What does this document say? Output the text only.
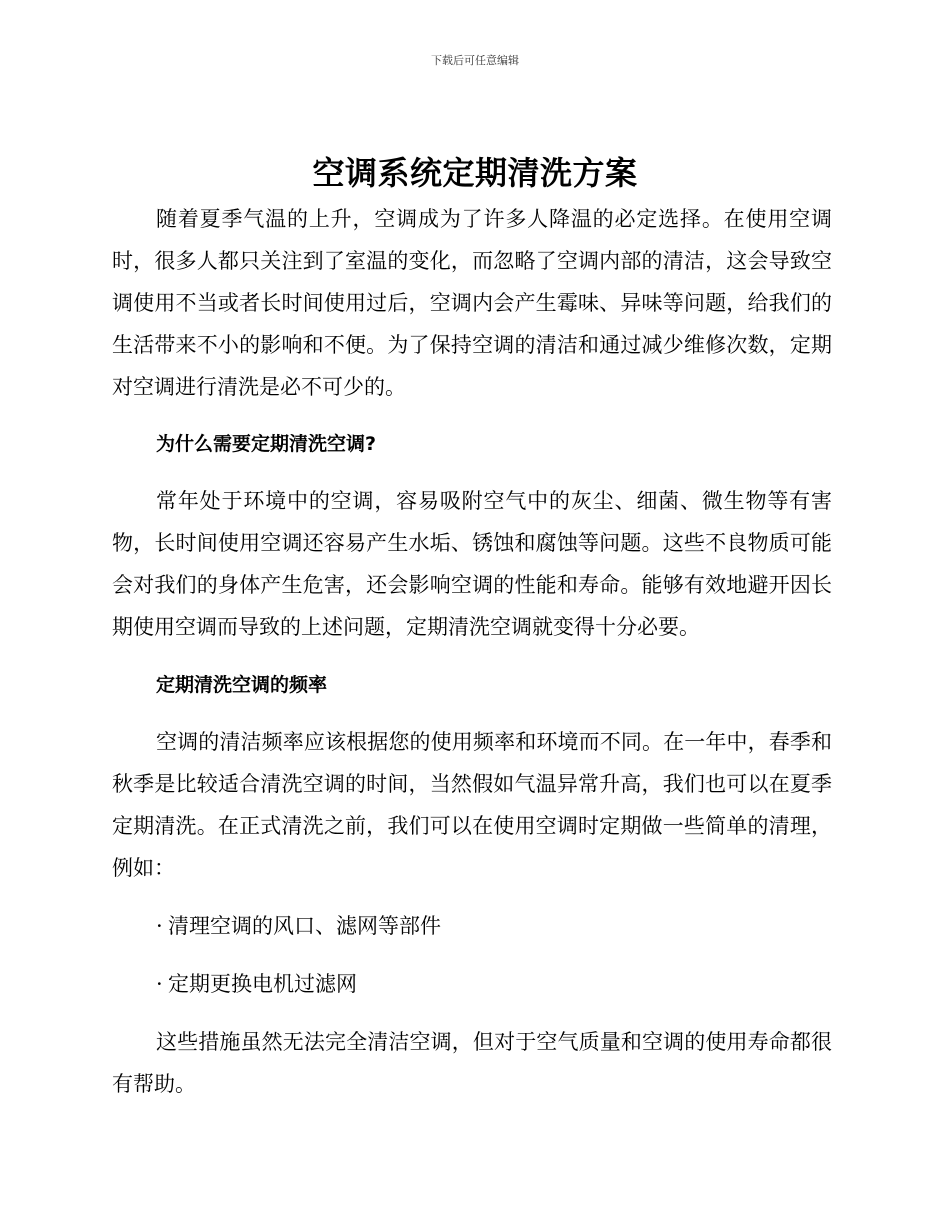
下载后可任意编辑
空调系统定期清洗方案

随着夏季气温的上升，空调成为了许多人降温的必定选择。在使用空调时，很多人都只关注到了室温的变化，而忽略了空调内部的清洁，这会导致空调使用不当或者长时间使用过后，空调内会产生霉味、异味等问题，给我们的生活带来不小的影响和不便。为了保持空调的清洁和通过减少维修次数，定期对空调进行清洗是必不可少的。

为什么需要定期清洗空调?

常年处于环境中的空调，容易吸附空气中的灰尘、细菌、微生物等有害物，长时间使用空调还容易产生水垢、锈蚀和腐蚀等问题。这些不良物质可能会对我们的身体产生危害，还会影响空调的性能和寿命。能够有效地避开因长期使用空调而导致的上述问题，定期清洗空调就变得十分必要。

定期清洗空调的频率

空调的清洁频率应该根据您的使用频率和环境而不同。在一年中，春季和秋季是比较适合清洗空调的时间，当然假如气温异常升高，我们也可以在夏季定期清洗。在正式清洗之前，我们可以在使用空调时定期做一些简单的清理，例如：

· 清理空调的风口、滤网等部件

· 定期更换电机过滤网

这些措施虽然无法完全清洁空调，但对于空气质量和空调的使用寿命都很有帮助。
